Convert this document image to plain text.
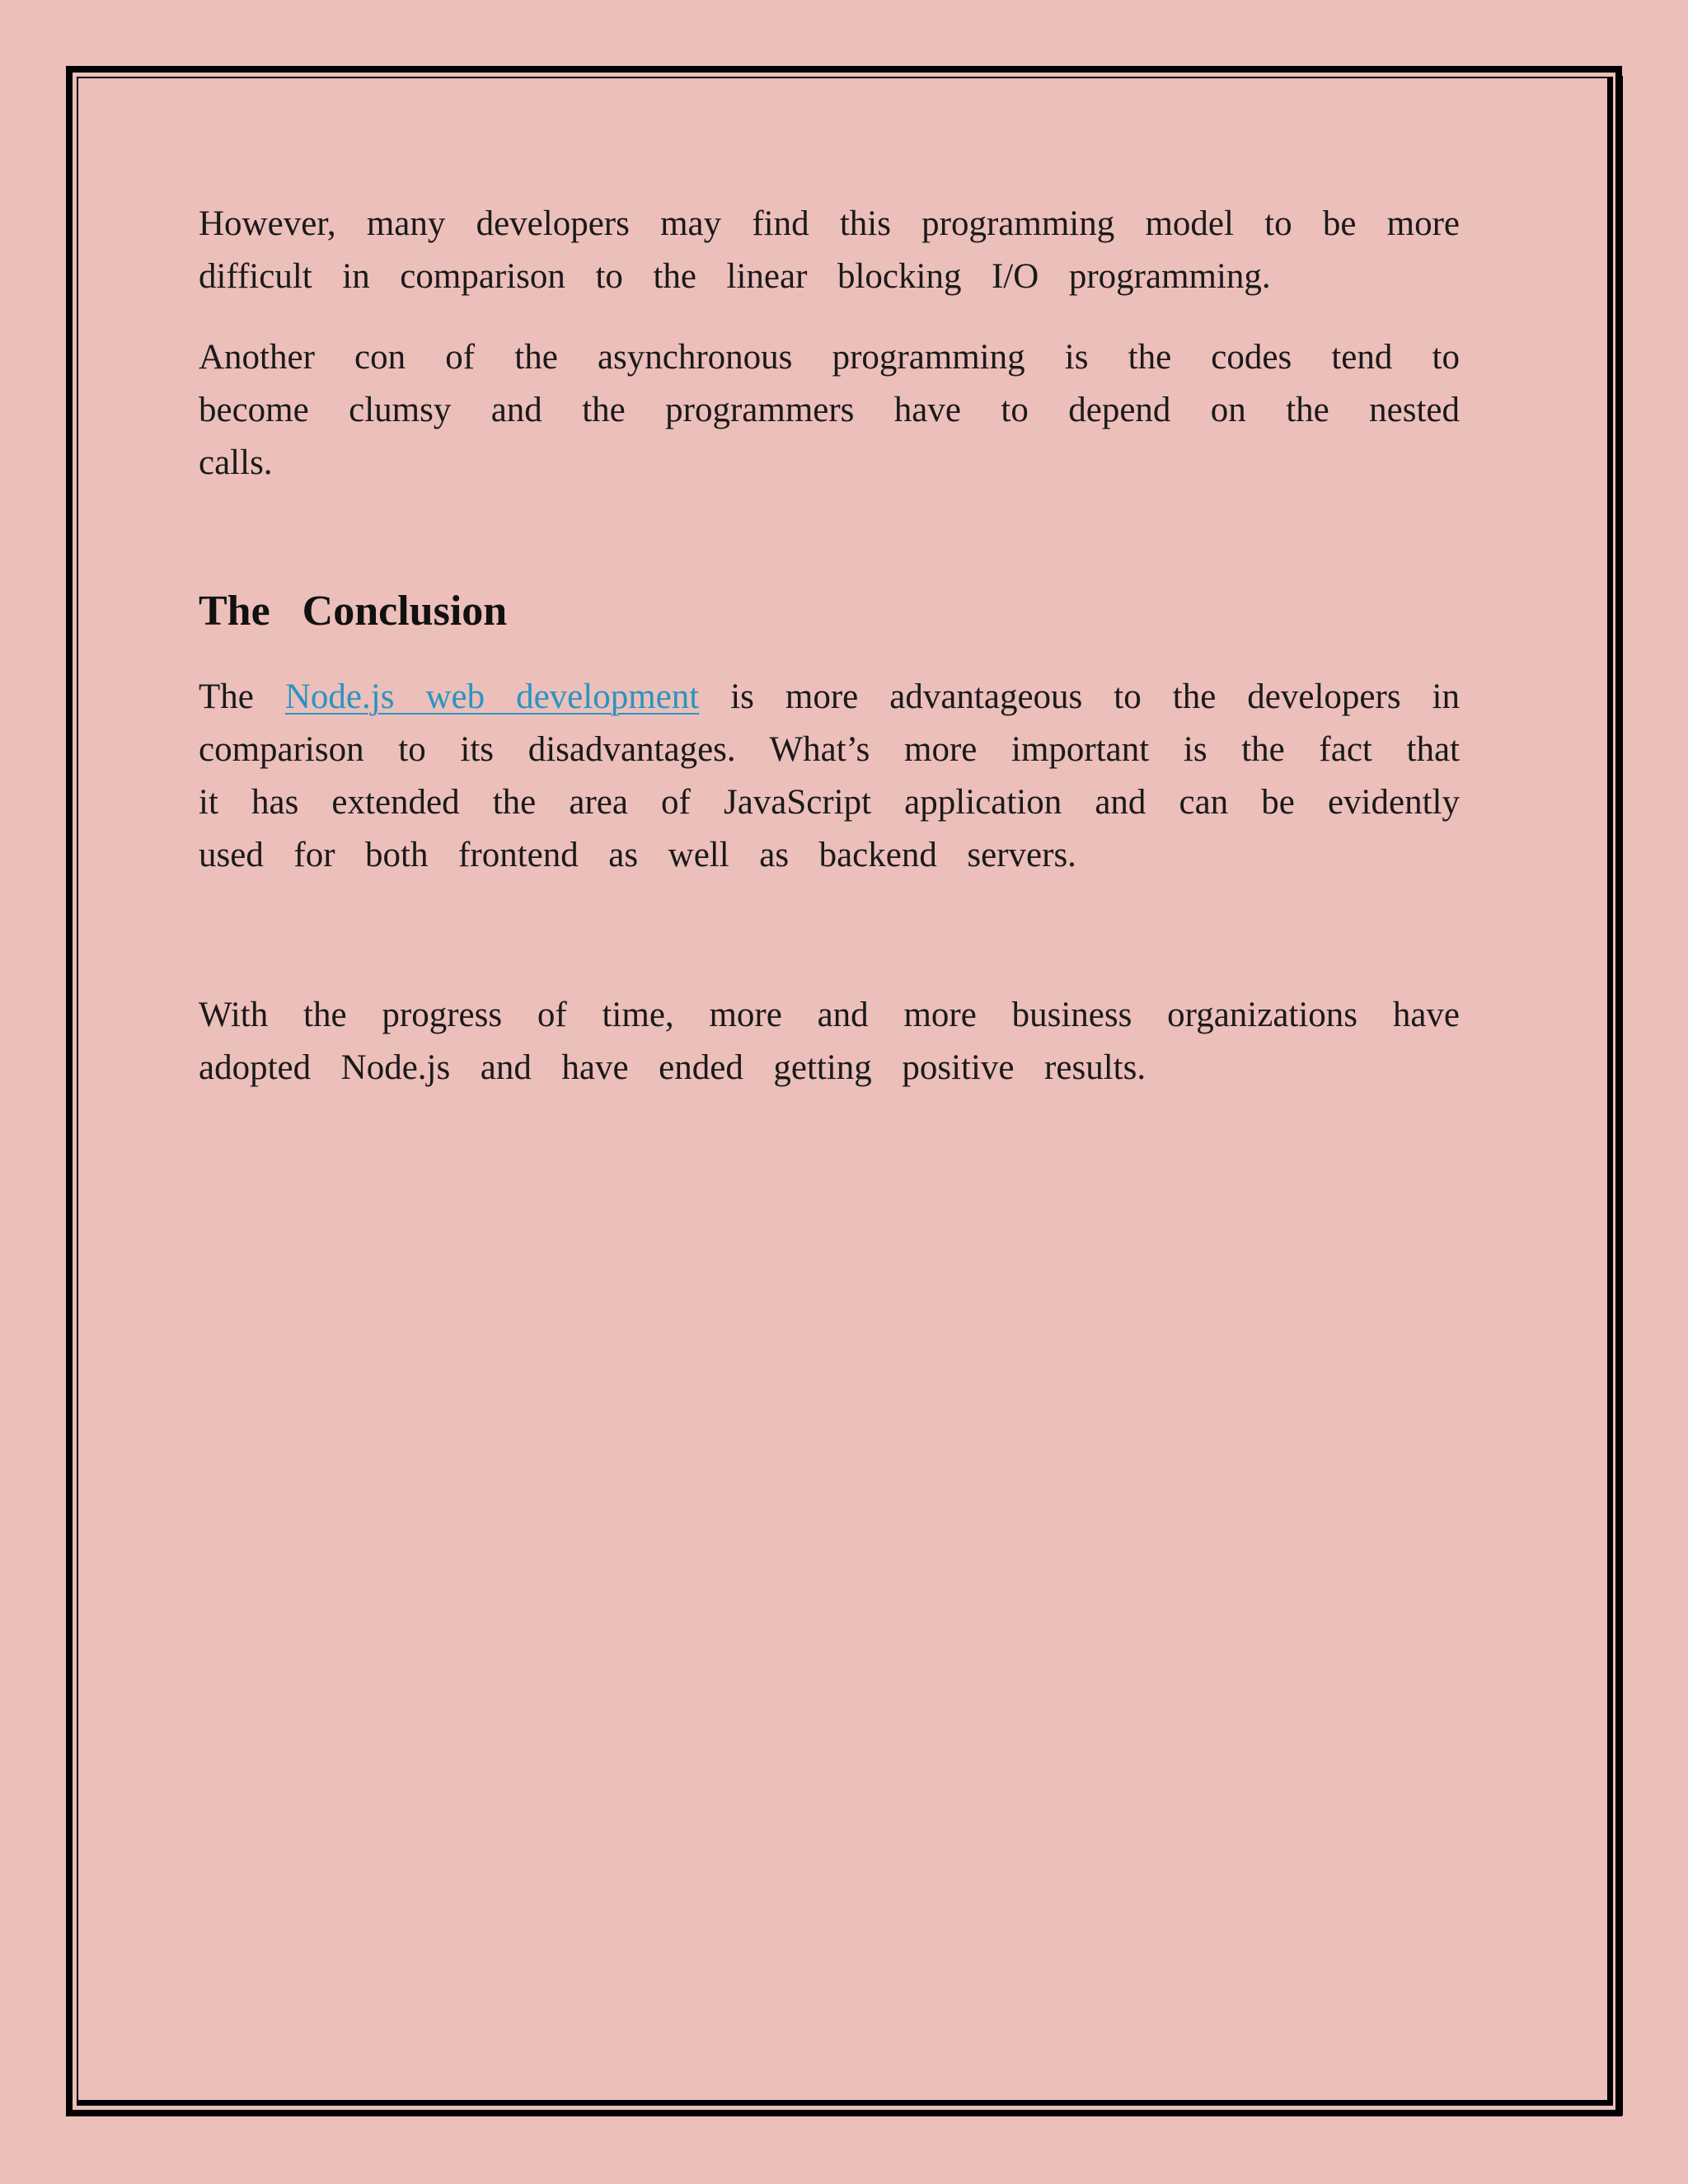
However, many developers may find this programming model to be more difficult in comparison to the linear blocking I/O programming.

Another con of the asynchronous programming is the codes tend to become clumsy and the programmers have to depend on the nested calls.

The Conclusion

The Node.js web development is more advantageous to the developers in comparison to its disadvantages. What’s more important is the fact that it has extended the area of JavaScript application and can be evidently used for both frontend as well as backend servers.

With the progress of time, more and more business organizations have adopted Node.js and have ended getting positive results.
